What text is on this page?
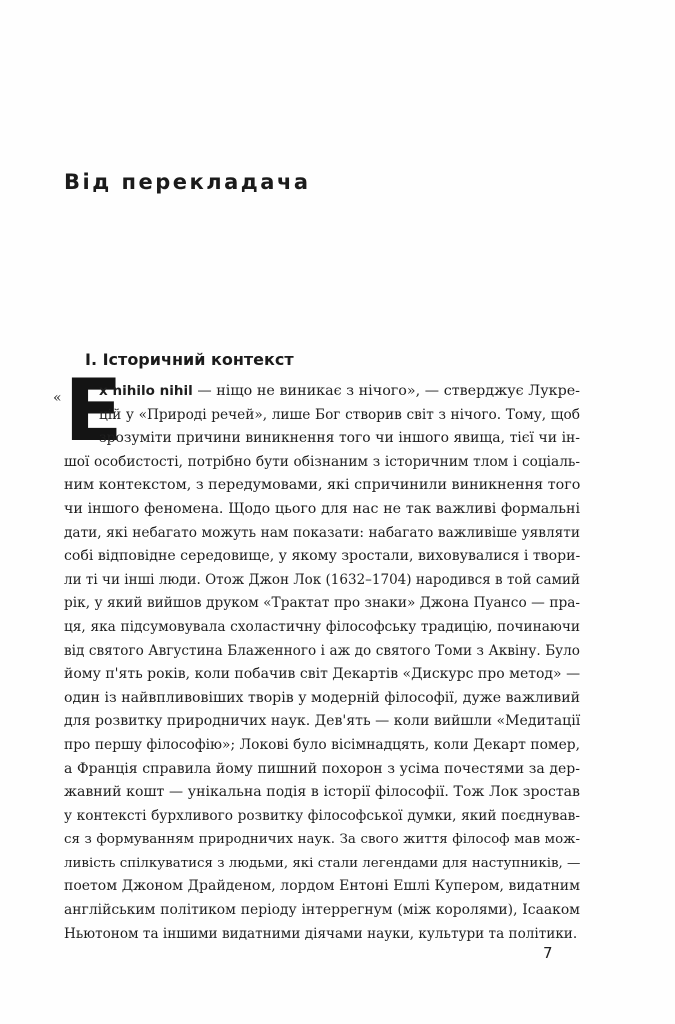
Від перекладача
I. Історичний контекст
« E
x nihilo nihil — ніщо не виникає з нічого», — стверджує Лукре-
цій у «Природі речей», лише Бог створив світ з нічого. Тому, щоб
зрозуміти причини виникнення того чи іншого явища, тієї чи ін-
шої особистості, потрібно бути обізнаним з історичним тлом і соціаль-
ним контекстом, з передумовами, які спричинили виникнення того
чи іншого феномена. Щодо цього для нас не так важливі формальні
дати, які небагато можуть нам показати: набагато важливіше уявляти
собі відповідне середовище, у якому зростали, виховувалися і твори-
ли ті чи інші люди. Отож Джон Лок (1632–1704) народився в той самий
рік, у який вийшов друком «Трактат про знаки» Джона Пуансо — пра-
ця, яка підсумовувала схоластичну філософську традицію, починаючи
від святого Августина Блаженного і аж до святого Томи з Аквіну. Було
йому п'ять років, коли побачив світ Декартів «Дискурс про метод» —
один із найвпливовіших творів у модерній філософії, дуже важливий
для розвитку природничих наук. Дев'ять — коли вийшли «Медитації
про першу філософію»; Локові було вісімнадцять, коли Декарт помер,
а Франція справила йому пишний похорон з усіма почестями за дер-
жавний кошт — унікальна подія в історії філософії. Тож Лок зростав
у контексті бурхливого розвитку філософської думки, який поєднував-
ся з формуванням природничих наук. За свого життя філософ мав мож-
ливість спілкуватися з людьми, які стали легендами для наступників, —
поетом Джоном Драйденом, лордом Ентоні Ешлі Купером, видатним
англійським політиком періоду інтеррегнум (між королями), Ісааком
Ньютоном та іншими видатними діячами науки, культури та політики.
7
